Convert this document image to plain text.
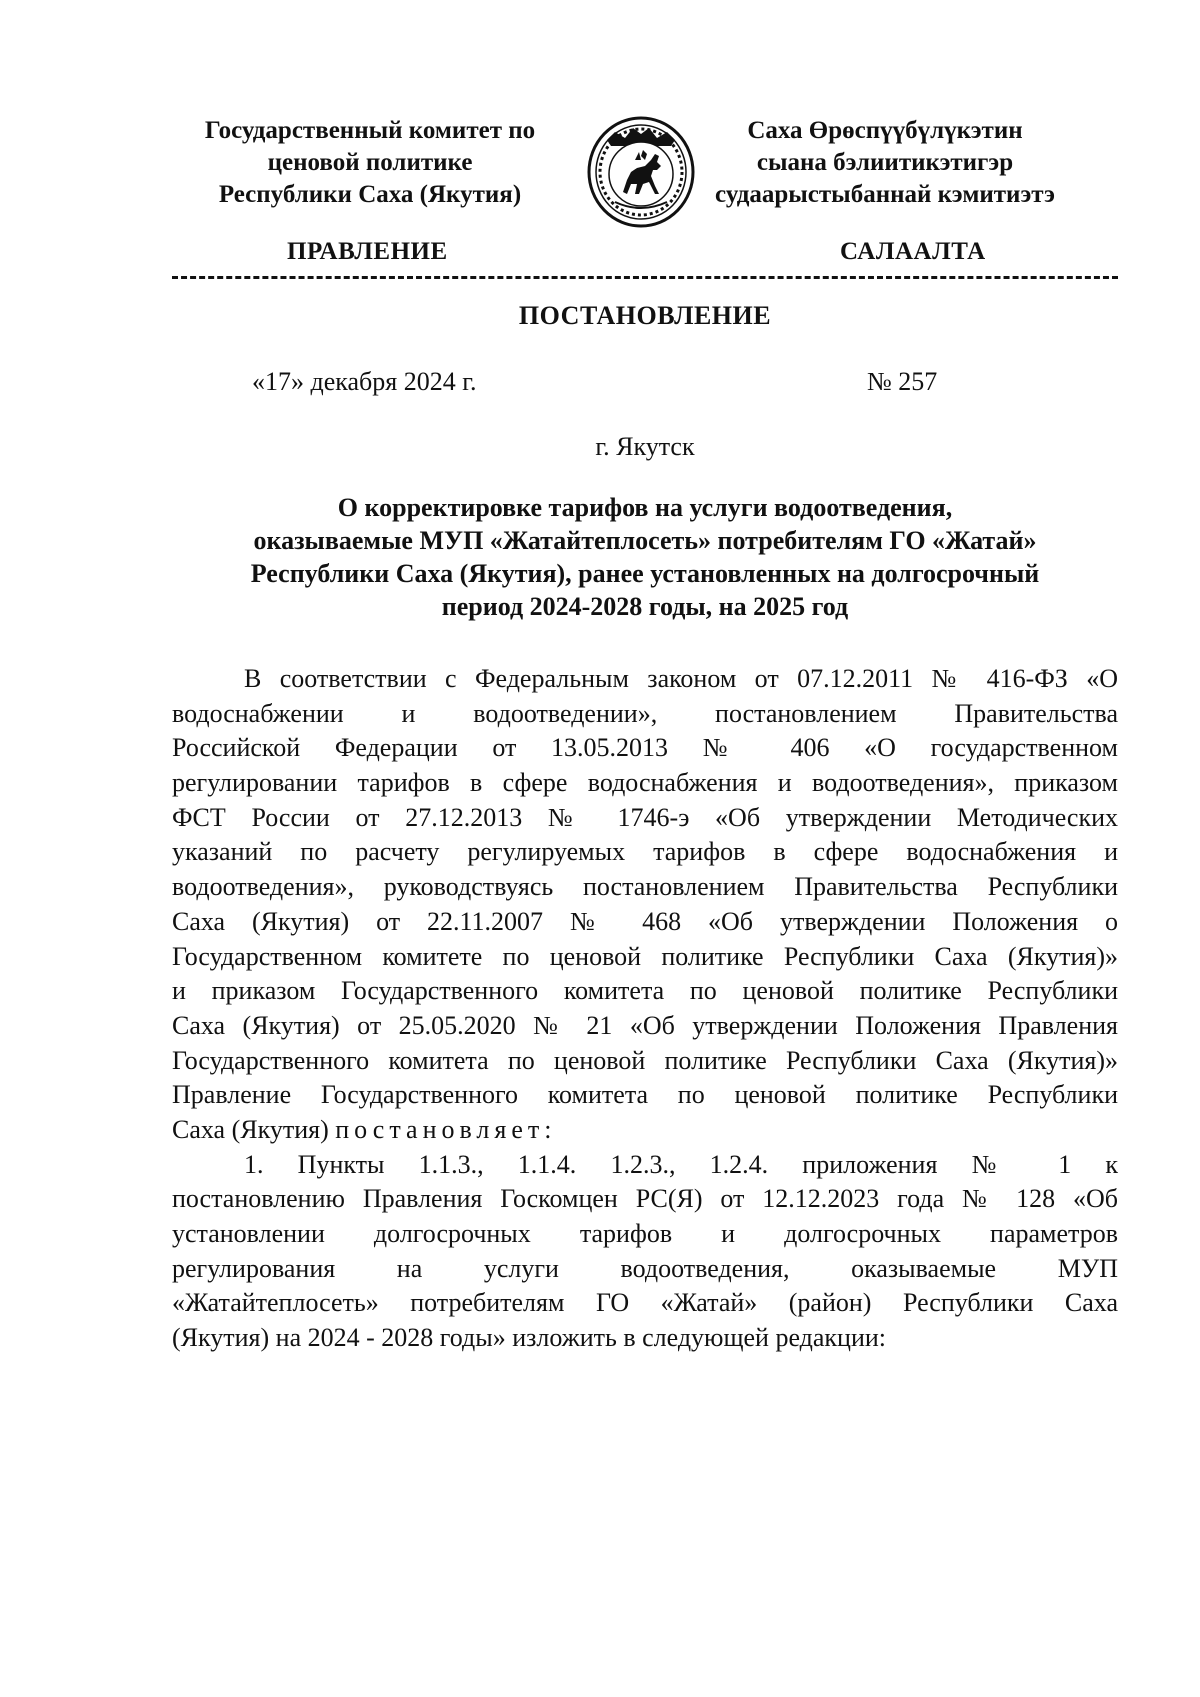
Государственный комитет по
ценовой политике
Республики Саха (Якутия)
Саха Өрөспүүбүлүкэтин
сыана бэлиитикэтигэр
судаарыстыбаннай кэмитиэтэ
ПРАВЛЕНИЕ	САЛААЛТА
ПОСТАНОВЛЕНИЕ
«17» декабря 2024 г.	№ 257
г. Якутск
О корректировке тарифов на услуги водоотведения,
оказываемые МУП «Жатайтеплосеть» потребителям ГО «Жатай»
Республики Саха (Якутия), ранее установленных на долгосрочный
период 2024-2028 годы, на 2025 год
В соответствии с Федеральным законом от 07.12.2011 № 416-ФЗ «О
водоснабжении и водоотведении», постановлением Правительства
Российской Федерации от 13.05.2013 № 406 «О государственном
регулировании тарифов в сфере водоснабжения и водоотведения», приказом
ФСТ России от 27.12.2013 № 1746-э «Об утверждении Методических
указаний по расчету регулируемых тарифов в сфере водоснабжения и
водоотведения», руководствуясь постановлением Правительства Республики
Саха (Якутия) от 22.11.2007 № 468 «Об утверждении Положения о
Государственном комитете по ценовой политике Республики Саха (Якутия)»
и приказом Государственного комитета по ценовой политике Республики
Саха (Якутия) от 25.05.2020 № 21 «Об утверждении Положения Правления
Государственного комитета по ценовой политике Республики Саха (Якутия)»
Правление Государственного комитета по ценовой политике Республики
Саха (Якутия) постановляет:
1. Пункты 1.1.3., 1.1.4. 1.2.3., 1.2.4. приложения № 1 к
постановлению Правления Госкомцен РС(Я) от 12.12.2023 года № 128 «Об
установлении долгосрочных тарифов и долгосрочных параметров
регулирования на услуги водоотведения, оказываемые МУП
«Жатайтеплосеть» потребителям ГО «Жатай» (район) Республики Саха
(Якутия) на 2024 - 2028 годы» изложить в следующей редакции:
